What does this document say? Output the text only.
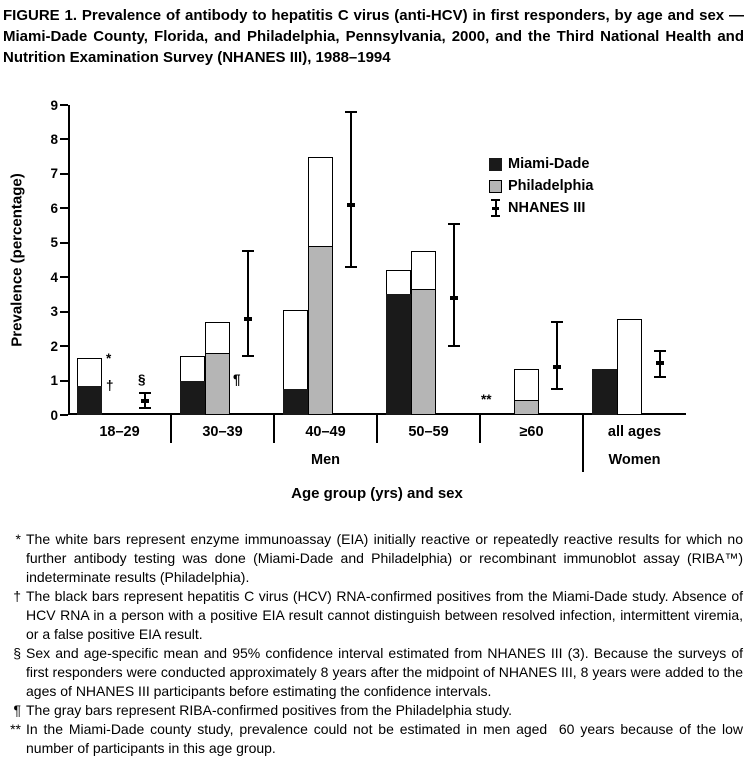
FIGURE 1. Prevalence of antibody to hepatitis C virus (anti-HCV) in first responders, by age and sex — Miami-Dade County, Florida, and Philadelphia, Pennsylvania, 2000, and the Third National Health and Nutrition Examination Survey (NHANES III), 1988–1994

Prevalence (percentage)
Age group (yrs) and sex
0
1
2
3
4
5
6
7
8
9
18–29	30–39	40–49	50–59	≥60	all ages
*
† §	¶
**
Men	Women
Miami-Dade
Philadelphia
NHANES III
* The white bars represent enzyme immunoassay (EIA) initially reactive or repeatedly reactive results for which no further antibody testing was done (Miami-Dade and Philadelphia) or recombinant immunoblot assay (RIBA™) indeterminate results (Philadelphia).
† The black bars represent hepatitis C virus (HCV) RNA-confirmed positives from the Miami-Dade study. Absence of HCV RNA in a person with a positive EIA result cannot distinguish between resolved infection, intermittent viremia, or a false positive EIA result.
§ Sex and age-specific mean and 95% confidence interval estimated from NHANES III (3). Because the surveys of first responders were conducted approximately 8 years after the midpoint of NHANES III, 8 years were added to the ages of NHANES III participants before estimating the confidence intervals.
¶ The gray bars represent RIBA-confirmed positives from the Philadelphia study.
** In the Miami-Dade county study, prevalence could not be estimated in men aged  60 years because of the low number of participants in this age group.
